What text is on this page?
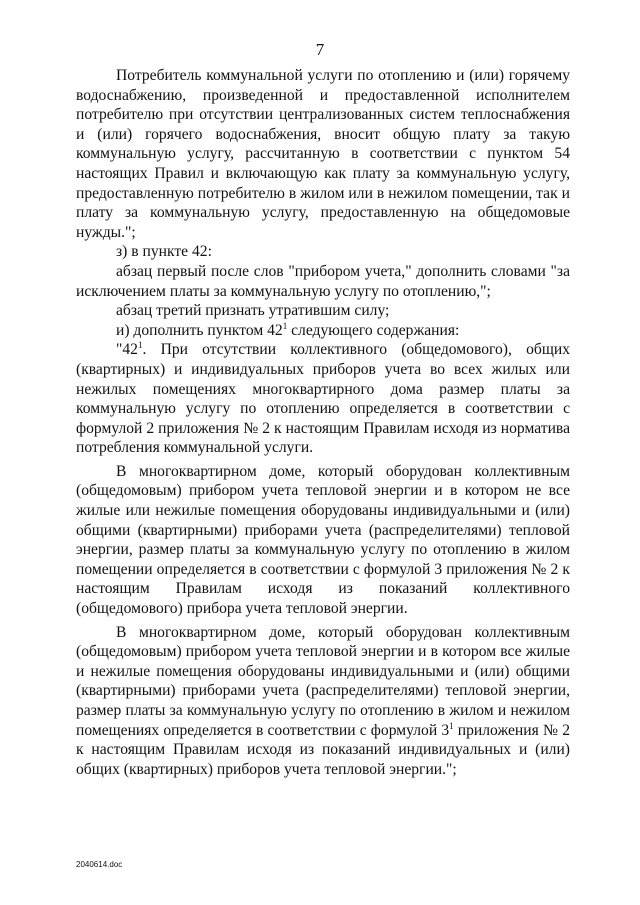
7

Потребитель коммунальной услуги по отоплению и (или) горячему водоснабжению, произведенной и предоставленной исполнителем потребителю при отсутствии централизованных систем теплоснабжения и (или) горячего водоснабжения, вносит общую плату за такую коммунальную услугу, рассчитанную в соответствии с пунктом 54 настоящих Правил и включающую как плату за коммунальную услугу, предоставленную потребителю в жилом или в нежилом помещении, так и плату за коммунальную услугу, предоставленную на общедомовые нужды.";

з) в пункте 42:

абзац первый после слов "прибором учета," дополнить словами "за исключением платы за коммунальную услугу по отоплению,";

абзац третий признать утратившим силу;

и) дополнить пунктом $42^1$ следующего содержания:

"$42^1$. При отсутствии коллективного (общедомового), общих (квартирных) и индивидуальных приборов учета во всех жилых или нежилых помещениях многоквартирного дома размер платы за коммунальную услугу по отоплению определяется в соответствии с формулой 2 приложения № 2 к настоящим Правилам исходя из норматива потребления коммунальной услуги.

В многоквартирном доме, который оборудован коллективным (общедомовым) прибором учета тепловой энергии и в котором не все жилые или нежилые помещения оборудованы индивидуальными и (или) общими (квартирными) приборами учета (распределителями) тепловой энергии, размер платы за коммунальную услугу по отоплению в жилом помещении определяется в соответствии с формулой 3 приложения № 2 к настоящим Правилам исходя из показаний коллективного (общедомового) прибора учета тепловой энергии.

В многоквартирном доме, который оборудован коллективным (общедомовым) прибором учета тепловой энергии и в котором все жилые и нежилые помещения оборудованы индивидуальными и (или) общими (квартирными) приборами учета (распределителями) тепловой энергии, размер платы за коммунальную услугу по отоплению в жилом и нежилом помещениях определяется в соответствии с формулой $3^1$ приложения № 2 к настоящим Правилам исходя из показаний индивидуальных и (или) общих (квартирных) приборов учета тепловой энергии.";

2040614.doc
